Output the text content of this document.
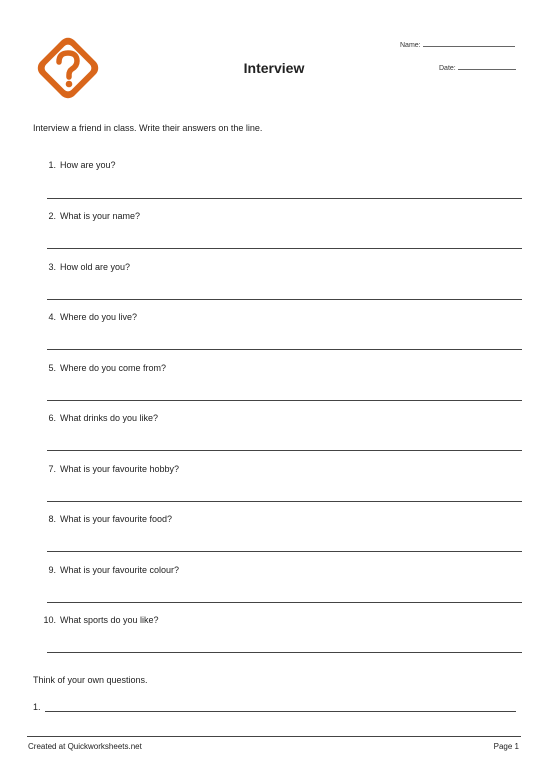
Interview
Name:
Date:
Interview a friend in class. Write their answers on the line.
1. How are you?
2. What is your name?
3. How old are you?
4. Where do you live?
5. Where do you come from?
6. What drinks do you like?
7. What is your favourite hobby?
8. What is your favourite food?
9. What is your favourite colour?
10. What sports do you like?
Think of your own questions.
1.
Created at Quickworksheets.net	Page 1
